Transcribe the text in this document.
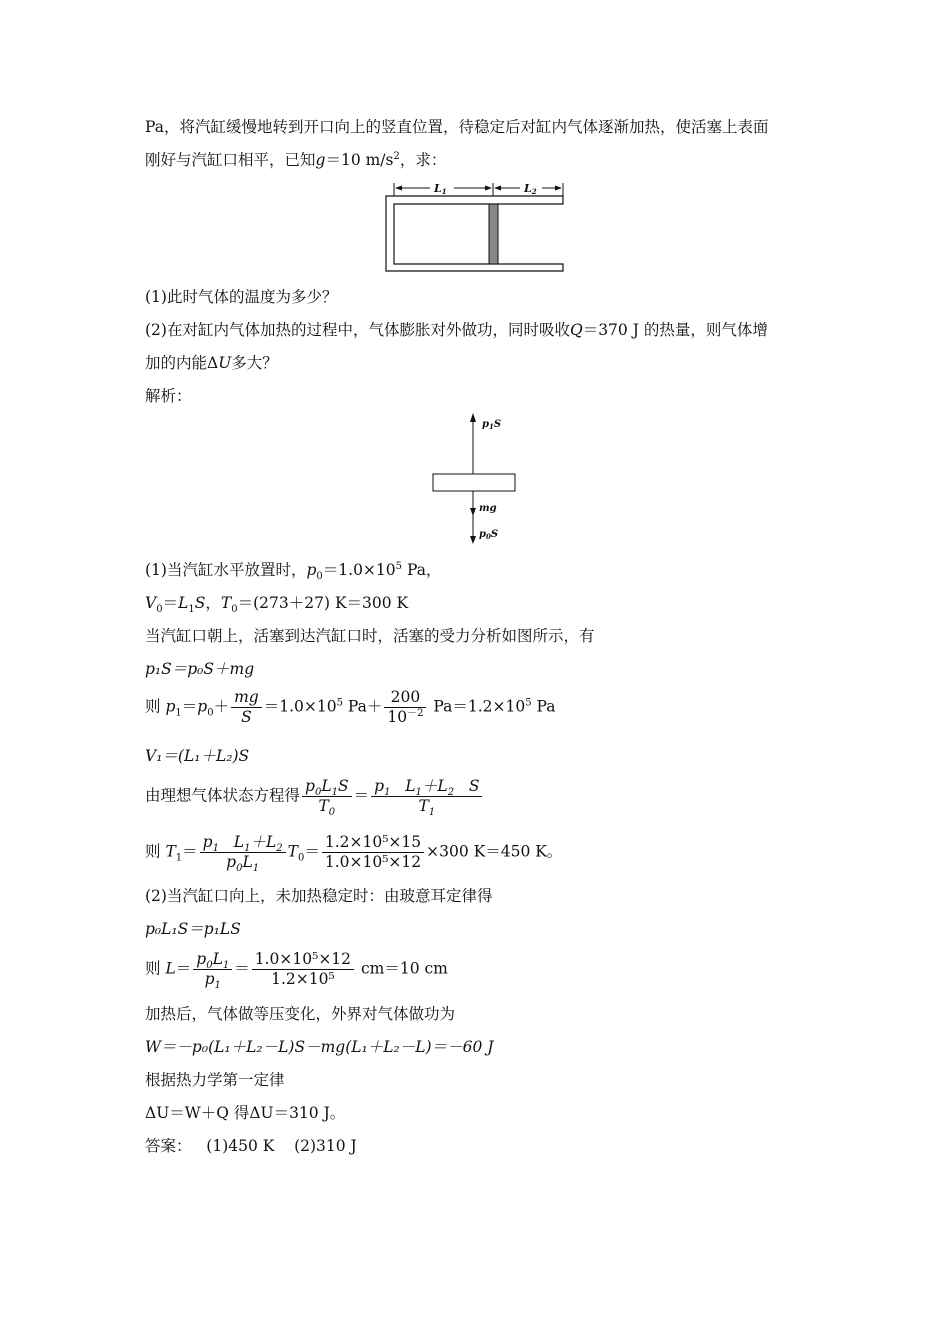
Pa，将汽缸缓慢地转到开口向上的竖直位置，待稳定后对缸内气体逐渐加热，使活塞上表面
刚好与汽缸口相平，已知g＝10 $m/s^2$，求：
L1	L2
(1)此时气体的温度为多少？
(2)在对缸内气体加热的过程中，气体膨胀对外做功，同时吸收Q＝370 J 的热量，则气体增
加的内能ΔU多大？
解析：
$p_1S$
mg
$p_0S$
(1)当汽缸水平放置时，$p_0=1.0\times 10^5$ Pa，
$V_0=L_1S$，$T_0=(273+27)$ K＝300 K
当汽缸口朝上，活塞到达汽缸口时，活塞的受力分析如图所示，有
p₁S＝p₀S＋mg
则 $p_1=p_0+ \frac{mg}{S} =1.0\times 10^5$ $Pa+ \frac{200}{10^{-2}} Pa=1.2\times 10^5$ Pa
V₁＝(L₁＋L₂)S
由理想气体状态方程得 $\frac{p_0L_1S}{T_0} = \frac{p_1 L_1+L_2 S}{T_1}$
则 $T_1= \frac{p_1 L_1+L_2}{p_0L_1} T_0= \frac{\text{1.2×10⁵×15}}{\text{1.0×10⁵×12}} \times 300$ K＝450 K。
(2)当汽缸口向上，未加热稳定时：由玻意耳定律得
p₀L₁S＝p₁LS
则 $L= \frac{p_0L_1}{p_1} = \frac{\text{1.0×10⁵×12}}{\text{1.2×10⁵}} cm=10$ cm
加热后，气体做等压变化，外界对气体做功为
W＝－p₀(L₁＋L₂－L)S－mg(L₁＋L₂－L)＝－60 J
根据热力学第一定律
ΔU＝W＋Q 得ΔU＝310 J。
答案： (1)450 K (2)310 J
